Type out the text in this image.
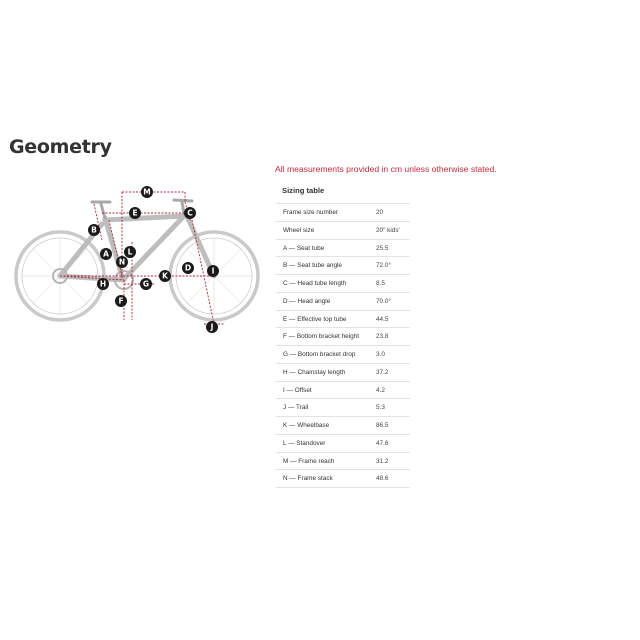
Geometry
All measurements provided in cm unless otherwise stated.
Sizing table
Frame size number	20
Wheel size	20" kids'
A — Seat tube	25.5
B — Seat tube angle	72.0°
C — Head tube length	8.5
D — Head angle	70.0°
E — Effective top tube	44.5
F — Bottom bracket height	23.8
G — Bottom bracket drop	3.0
H — Chainstay length	37.2
I — Offset	4.2
J — Trail	5.3
K — Wheelbase	86.5
L — Standover	47.6
M — Frame reach	31.2
N — Frame stack	48.6
A
B
C
D
E
F
G
H
I
J
K
L
M
N
